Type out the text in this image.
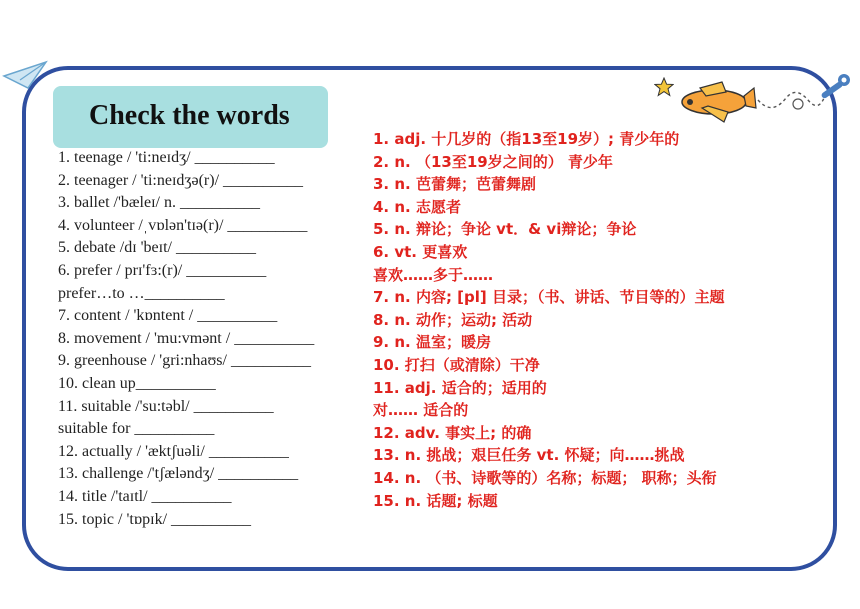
Check the words
1. teenage / 'ti:neɪdʒ/ __________
2. teenager / 'ti:neɪdʒə(r)/ __________
3. ballet /'bæleɪ/ n. __________
4. volunteer /ˌvɒlən'tɪə(r)/ __________
5. debate /dɪ 'beɪt/ __________
6. prefer / prɪ'fɜ:(r)/ __________
prefer…to …__________
7. content / 'kɒntent / __________
8. movement / 'mu:vmənt / __________
9. greenhouse / 'gri:nhaʊs/ __________
10. clean up__________
11. suitable /'su:təbl/ __________
suitable for __________
12. actually / 'æktʃuəli/ __________
13. challenge /'tʃæləndʒ/ __________
14. title /'taɪtl/ __________
15. topic / 'tɒpɪk/ __________
1. adj. 十几岁的（指13至19岁）; 青少年的
2. n. （13至19岁之间的） 青少年
3. n. 芭蕾舞；芭蕾舞剧
4. n. 志愿者
5. n. 辩论；争论 vt．& vi辩论；争论
6. vt. 更喜欢
喜欢……多于……
7. n. 内容; [pl] 目录；（书、讲话、节目等的）主题
8. n. 动作；运动; 活动
9. n. 温室；暖房
10. 打扫（或清除）干净
11. adj. 适合的；适用的
对…… 适合的
12. adv. 事实上; 的确
13. n. 挑战；艰巨任务 vt. 怀疑；向……挑战
14. n. （书、诗歌等的）名称；标题； 职称；头衔
15. n. 话题; 标题
